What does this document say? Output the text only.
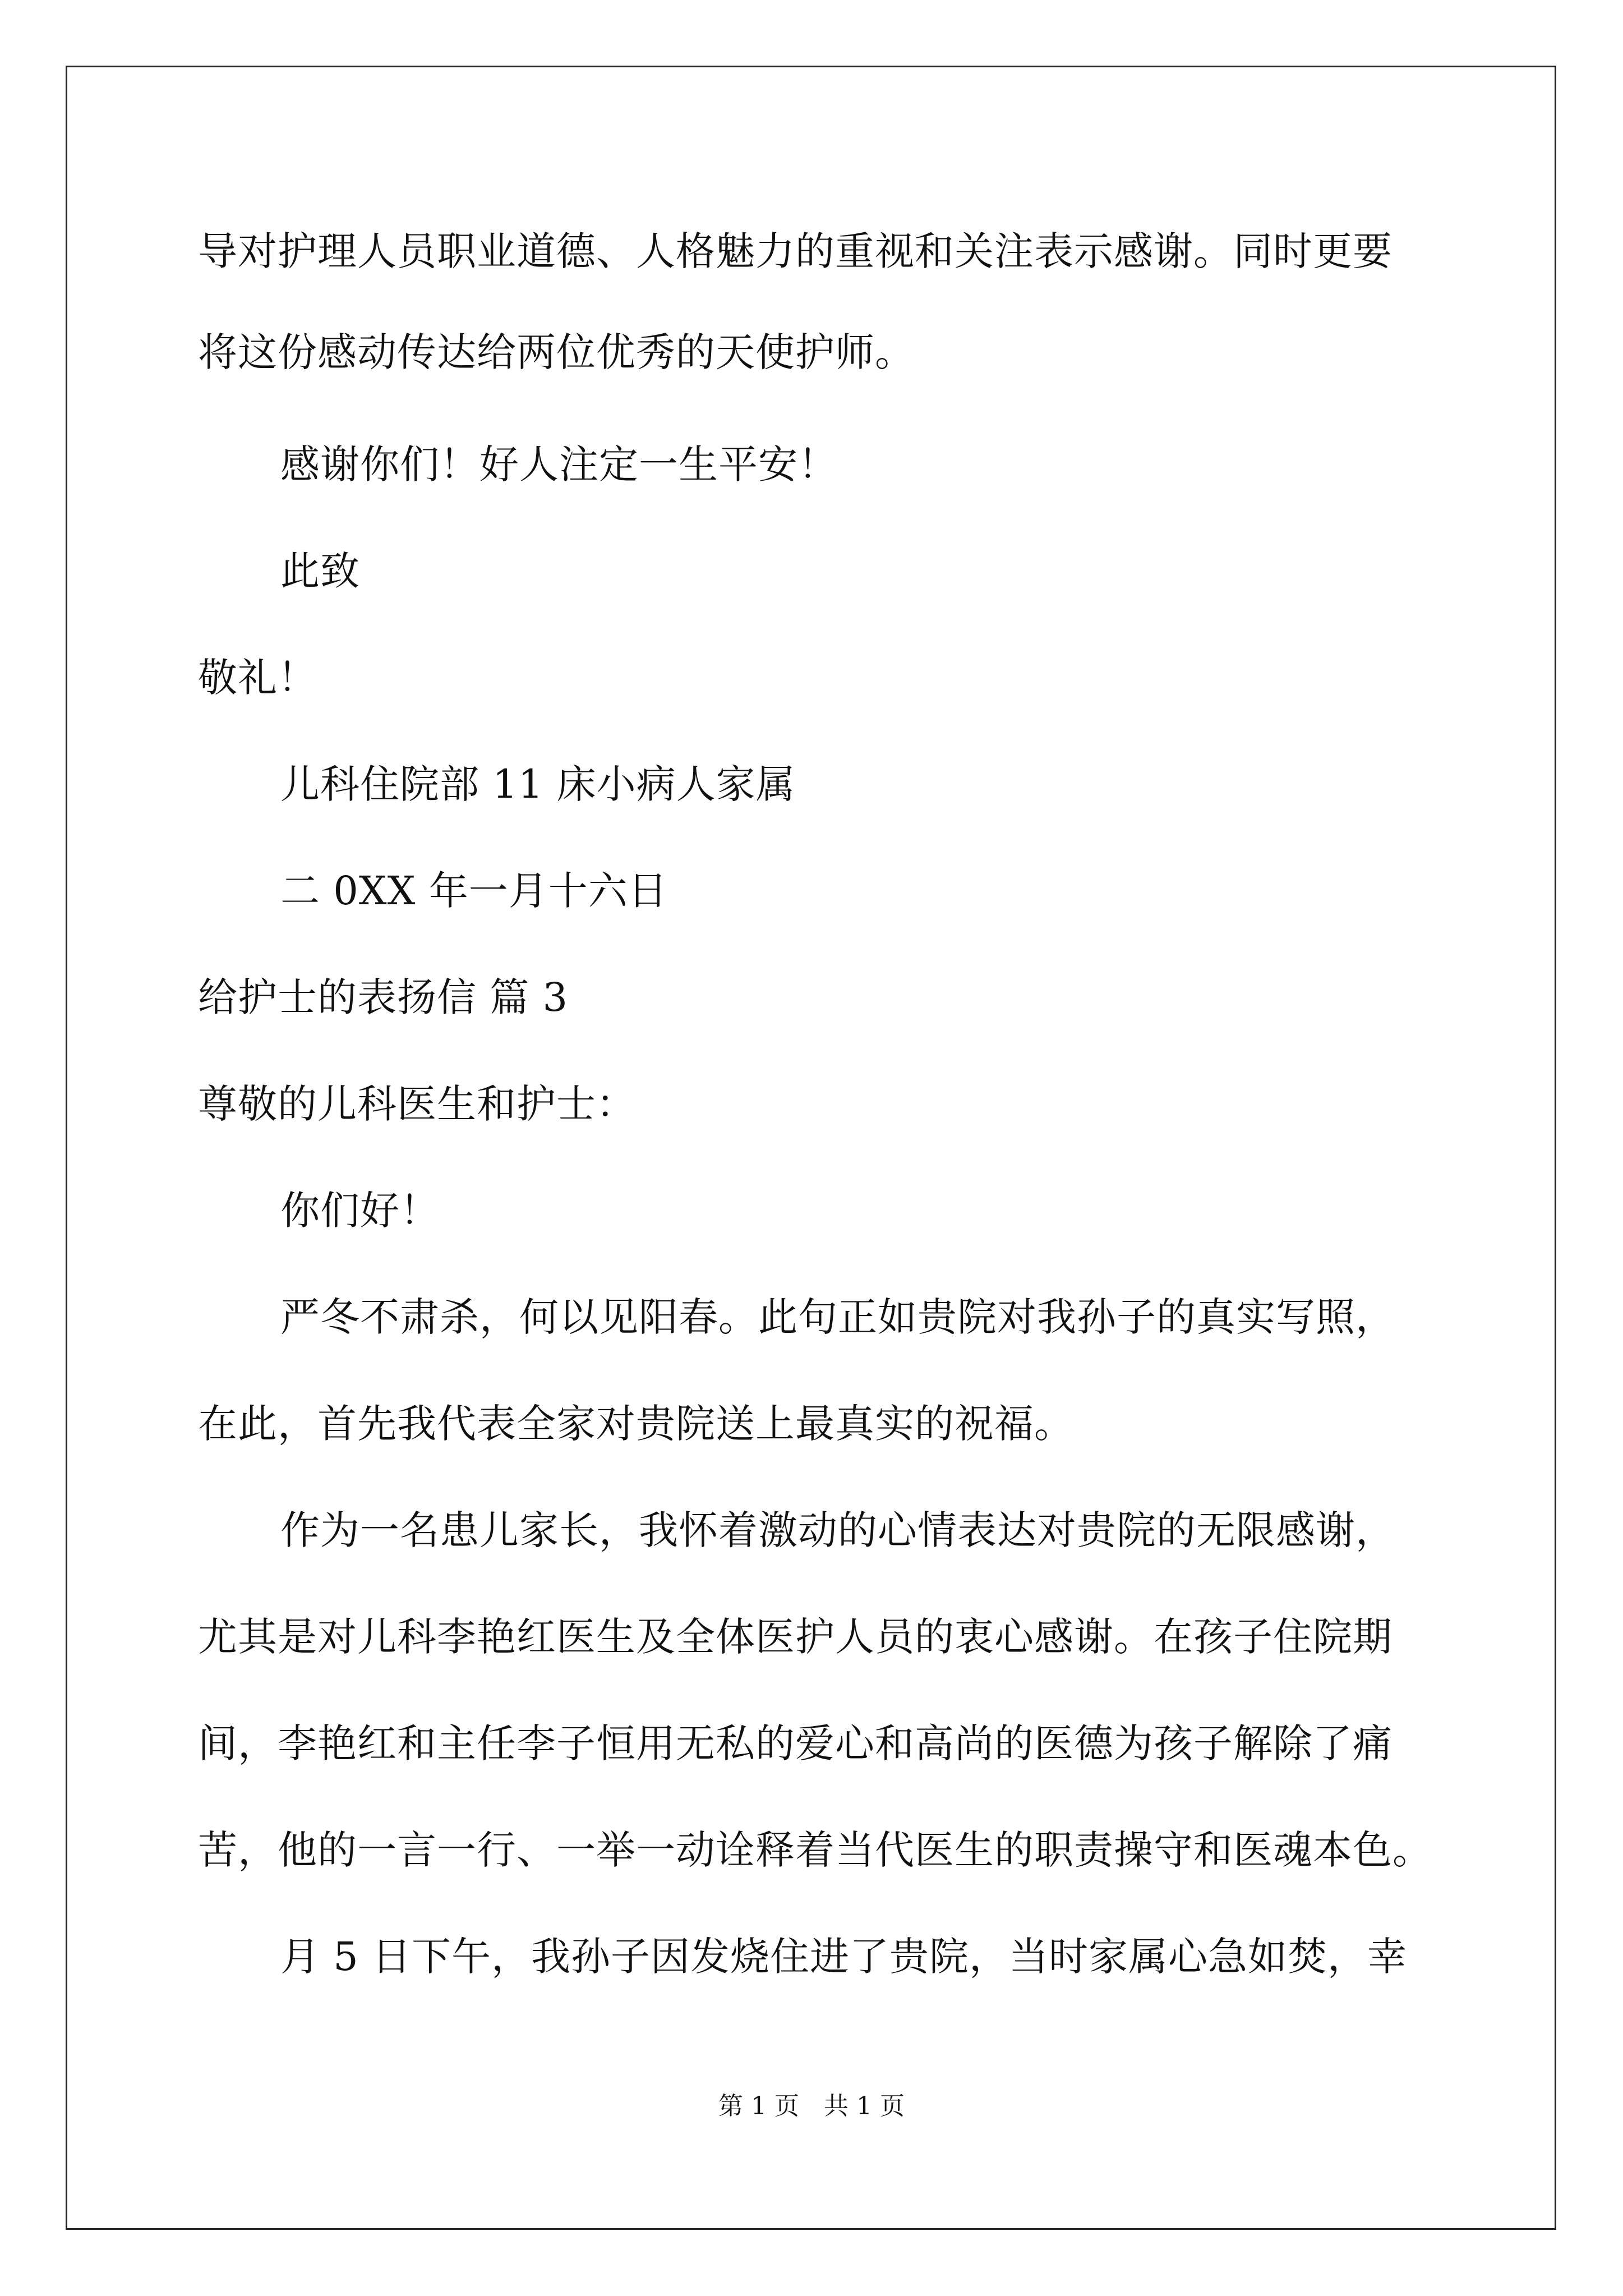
导对护理人员职业道德、人格魅力的重视和关注表示感谢。同时更要

将这份感动传达给两位优秀的天使护师。

感谢你们！好人注定一生平安！

此致

敬礼！

儿科住院部 11 床小病人家属

二 0XX 年一月十六日

给护士的表扬信 篇 3

尊敬的儿科医生和护士：

你们好！

严冬不肃杀，何以见阳春。此句正如贵院对我孙子的真实写照，

在此，首先我代表全家对贵院送上最真实的祝福。

作为一名患儿家长，我怀着激动的心情表达对贵院的无限感谢，

尤其是对儿科李艳红医生及全体医护人员的衷心感谢。在孩子住院期

间，李艳红和主任李子恒用无私的爱心和高尚的医德为孩子解除了痛

苦，他的一言一行、一举一动诠释着当代医生的职责操守和医魂本色。

月 5 日下午，我孙子因发烧住进了贵院，当时家属心急如焚，幸

第 1 页　共 1 页
